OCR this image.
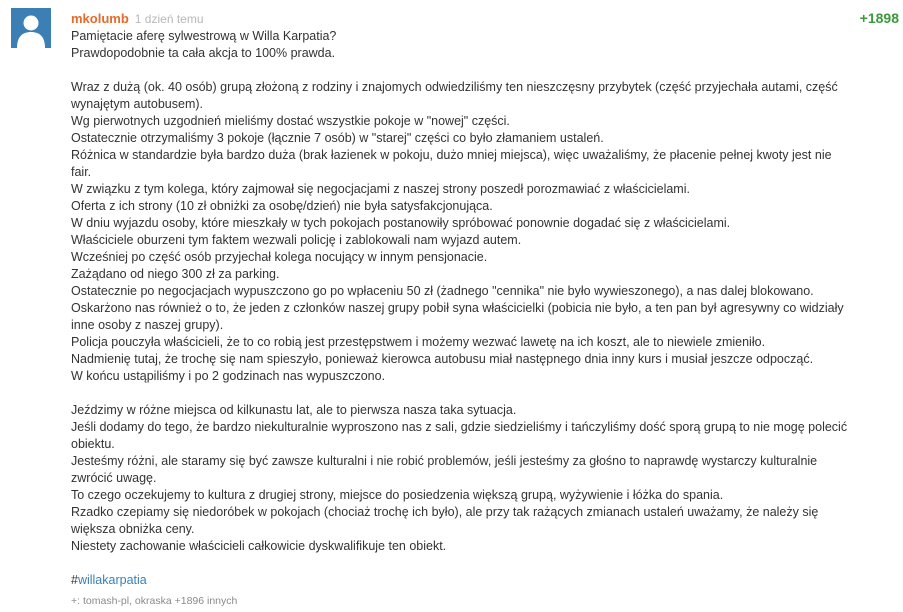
mkolumb 1 dzień temu	+1898
Pamiętacie aferę sylwestrową w Willa Karpatia?
Prawdopodobnie ta cała akcja to 100% prawda.
Wraz z dużą (ok. 40 osób) grupą złożoną z rodziny i znajomych odwiedziliśmy ten nieszczęsny przybytek (część przyjechała autami, część
wynajętym autobusem).
Wg pierwotnych uzgodnień mieliśmy dostać wszystkie pokoje w "nowej" części.
Ostatecznie otrzymaliśmy 3 pokoje (łącznie 7 osób) w "starej" części co było złamaniem ustaleń.
Różnica w standardzie była bardzo duża (brak łazienek w pokoju, dużo mniej miejsca), więc uważaliśmy, że płacenie pełnej kwoty jest nie
fair.
W związku z tym kolega, który zajmował się negocjacjami z naszej strony poszedł porozmawiać z właścicielami.
Oferta z ich strony (10 zł obniżki za osobę/dzień) nie była satysfakcjonująca.
W dniu wyjazdu osoby, które mieszkały w tych pokojach postanowiły spróbować ponownie dogadać się z właścicielami.
Właściciele oburzeni tym faktem wezwali policję i zablokowali nam wyjazd autem.
Wcześniej po część osób przyjechał kolega nocujący w innym pensjonacie.
Zażądano od niego 300 zł za parking.
Ostatecznie po negocjacjach wypuszczono go po wpłaceniu 50 zł (żadnego "cennika" nie było wywieszonego), a nas dalej blokowano.
Oskarżono nas również o to, że jeden z członków naszej grupy pobił syna właścicielki (pobicia nie było, a ten pan był agresywny co widziały
inne osoby z naszej grupy).
Policja pouczyła właścicieli, że to co robią jest przestępstwem i możemy wezwać lawetę na ich koszt, ale to niewiele zmieniło.
Nadmienię tutaj, że trochę się nam spieszyło, ponieważ kierowca autobusu miał następnego dnia inny kurs i musiał jeszcze odpocząć.
W końcu ustąpiliśmy i po 2 godzinach nas wypuszczono.
Jeździmy w różne miejsca od kilkunastu lat, ale to pierwsza nasza taka sytuacja.
Jeśli dodamy do tego, że bardzo niekulturalnie wyproszono nas z sali, gdzie siedzieliśmy i tańczyliśmy dość sporą grupą to nie mogę polecić
obiektu.
Jesteśmy różni, ale staramy się być zawsze kulturalni i nie robić problemów, jeśli jesteśmy za głośno to naprawdę wystarczy kulturalnie
zwrócić uwagę.
To czego oczekujemy to kultura z drugiej strony, miejsce do posiedzenia większą grupą, wyżywienie i łóżka do spania.
Rzadko czepiamy się niedoróbek w pokojach (chociaż trochę ich było), ale przy tak rażących zmianach ustaleń uważamy, że należy się
większa obniżka ceny.
Niestety zachowanie właścicieli całkowicie dyskwalifikuje ten obiekt.
#willakarpatia
+: tomash-pl, okraska +1896 innych
